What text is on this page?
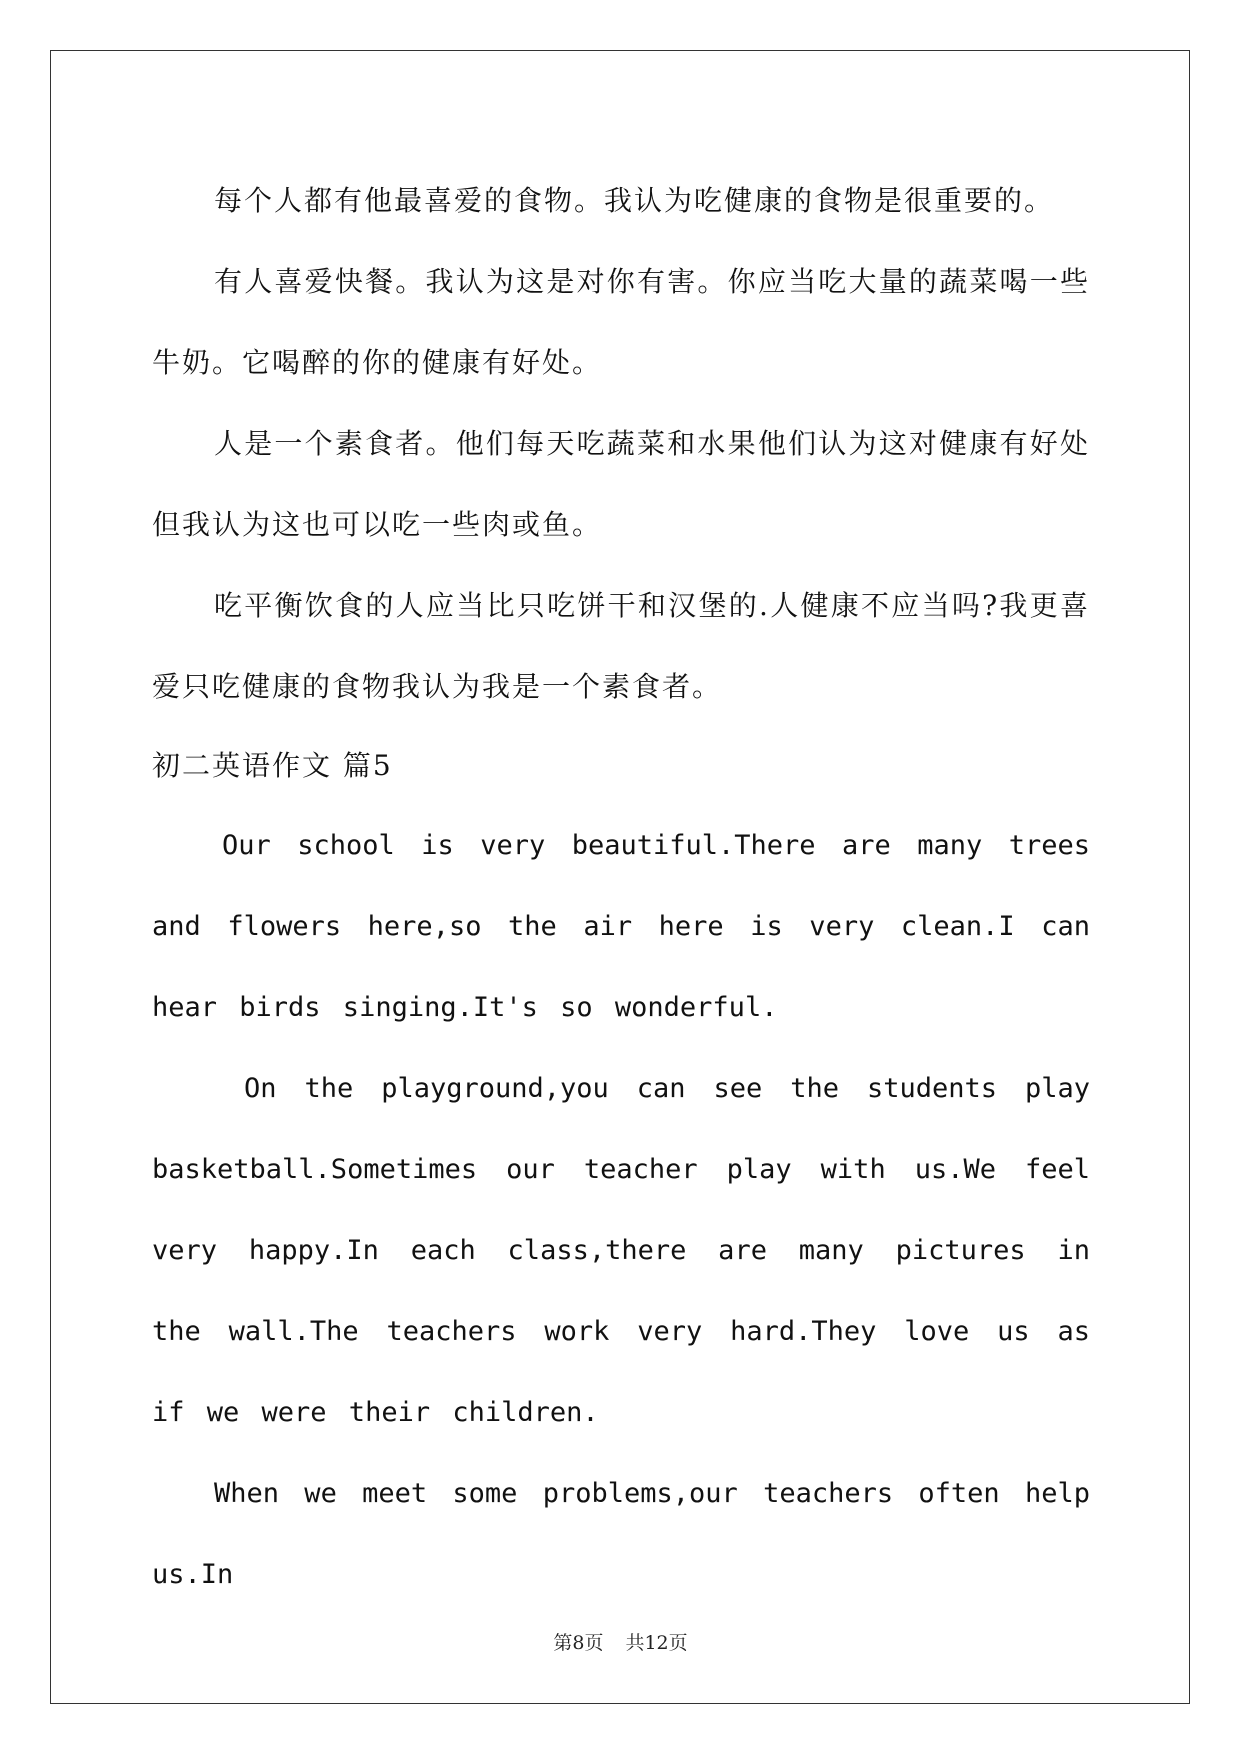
每个人都有他最喜爱的食物。我认为吃健康的食物是很重要的。

有人喜爱快餐。我认为这是对你有害。你应当吃大量的蔬菜喝一些牛奶。它喝醉的你的健康有好处。

人是一个素食者。他们每天吃蔬菜和水果他们认为这对健康有好处但我认为这也可以吃一些肉或鱼。

吃平衡饮食的人应当比只吃饼干和汉堡的.人健康不应当吗?我更喜爱只吃健康的食物我认为我是一个素食者。

初二英语作文 篇5

Our school is very beautiful.There are many trees and flowers here,so the air here is very clean.I can hear birds singing.It's so wonderful.

On the playground,you can see the students play basketball.Sometimes our teacher play with us.We feel very happy.In each class,there are many pictures in the wall.The teachers work very hard.They love us as if we were their children.

When we meet some problems,our teachers often help us.In

第8页 共12页
